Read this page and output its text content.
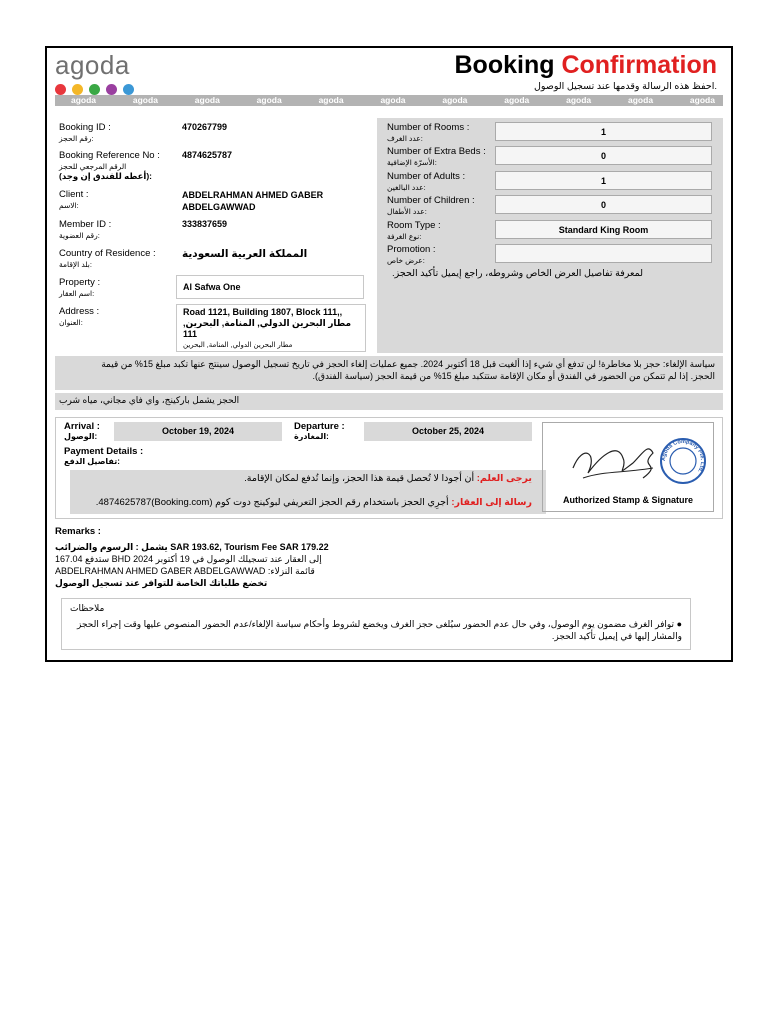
agoda	Booking Confirmation
احفظ هذه الرسالة وقدمها عند تسجيل الوصول.
agoda	agoda	agoda	agoda	agoda	agoda	agoda	agoda	agoda	agoda	agoda
Booking ID :
رقم الحجز:
470267799
Booking Reference No :
الرقم المرجعي للحجز
(أعطه للفندق إن وجد):
4874625787
Client :
الاسم:
ABDELRAHMAN AHMED GABER ABDELGAWWAD
Member ID :
رقم العضوية:
333837659
Country of Residence :
بلد الإقامة:
المملكة العربية السعودية
Property :
اسم العقار:
Al Safwa One
Address :
العنوان:
Road 1121, Building 1807, Block 111,, مطار البحرين الدولي, المنامة, البحرين, 111
مطار البحرين الدولي, المنامة, البحرين
Number of Rooms :
عدد الغرف:
1
Number of Extra Beds :
الأسرّة الإضافية:
0
Number of Adults :
عدد البالغين:
1
Number of Children :
عدد الأطفال:
0
Room Type :
نوع الغرفة:
Standard King Room
Promotion :
عرض خاص:
لمعرفة تفاصيل العرض الخاص وشروطه، راجع إيميل تأكيد الحجز.
سياسة الإلغاء: حجز بلا مخاطرة! لن تدفع أي شيء إذا ألغيت قبل 18 أكتوبر 2024. جميع عمليات إلغاء الحجز في تاريخ تسجيل الوصول سينتج عنها تكبد مبلغ 15% من قيمة
الحجز. إذا لم تتمكن من الحضور في الفندق أو مكان الإقامة ستتكبد مبلغ 15% من قيمة الحجز (سياسة الفندق).
الحجز يشمل باركينج، واي فاي مجاني، مياه شرب
Arrival :
الوصول:
October 19, 2024	Departure :
المغادرة:
October 25, 2024
Payment Details :
تفاصيل الدفع:
يرجى العلم: أن أجودا لا تُحصل قيمة هذا الحجز، وإنما تُدفع لمكان الإقامة.
رسالة إلى العقار: أجرِي الحجز باستخدام رقم الحجز التعريفي لبوكينج دوت كوم (Booking.com)4874625787.
Agoda Company Pte. Ltd.
Authorized Stamp & Signature
Remarks :
يشمل : الرسوم والضرائب SAR 193.62, Tourism Fee SAR 179.22
إلى العقار عند تسجيلك الوصول في 19 أكتوبر 2024 BHD ستدفع 167.04
قائمة النزلاء: ABDELRAHMAN AHMED GABER ABDELGAWWAD
تخضع طلباتك الخاصة للتوافر عند تسجيل الوصول
ملاحظات
● توافر الغرف مضمون يوم الوصول، وفي حال عدم الحضور سيُلغى حجز الغرف ويخضع لشروط وأحكام سياسة الإلغاء/عدم الحضور المنصوص عليها وقت إجراء الحجز والمشار إليها في إيميل تأكيد الحجز.
